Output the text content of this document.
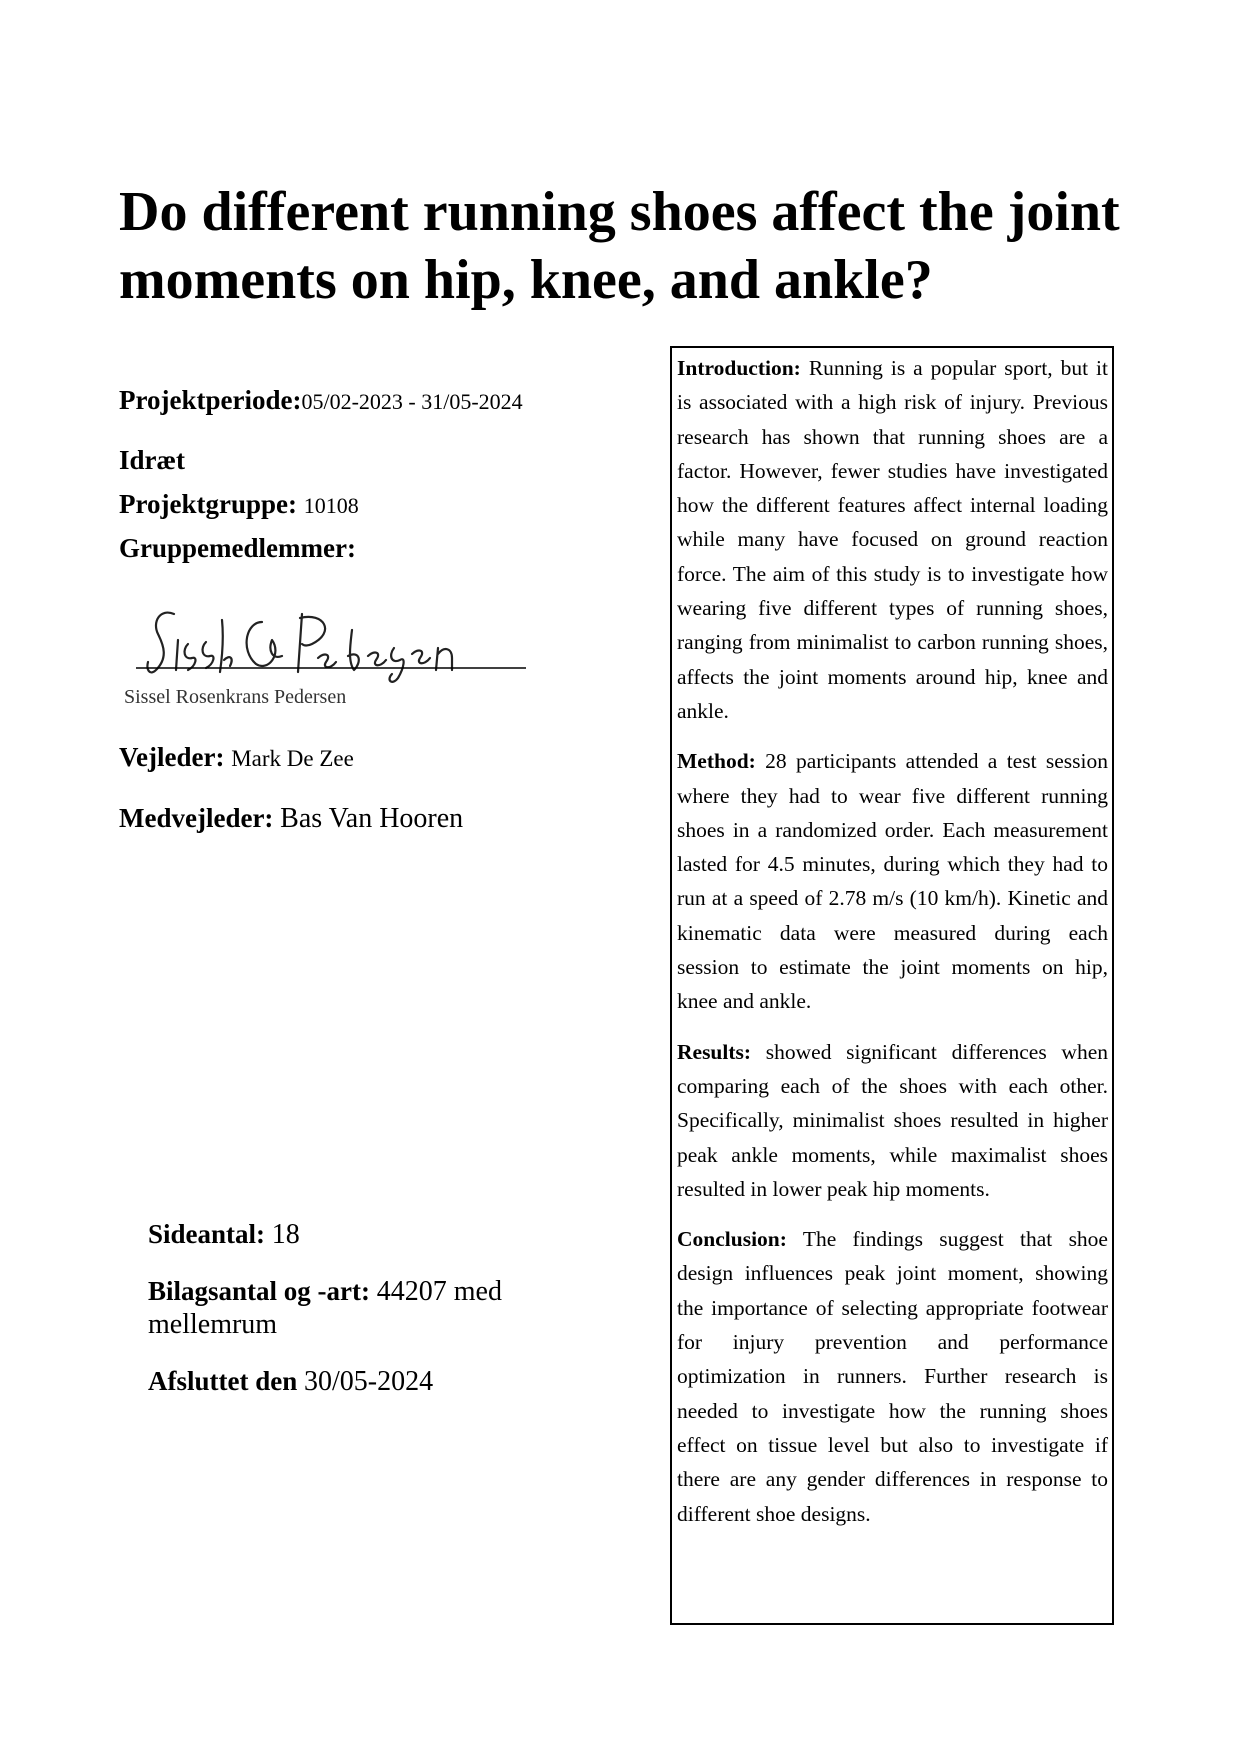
Do different running shoes affect the joint
moments on hip, knee, and ankle?
Projektperiode:05/02-2023 - 31/05-2024
Idræt
Projektgruppe: 10108
Gruppemedlemmer:
Sissel Rosenkrans Pedersen
Vejleder: Mark De Zee
Medvejleder: Bas Van Hooren
Sideantal: 18
Bilagsantal og -art: 44207 med
mellemrum
Afsluttet den 30/05-2024

Introduction: Running is a popular sport, but it is associated with a high risk of injury. Previous research has shown that running shoes are a factor. However, fewer studies have investigated how the different features affect internal loading while many have focused on ground reaction force. The aim of this study is to investigate how wearing five different types of running shoes, ranging from minimalist to carbon running shoes, affects the joint moments around hip, knee and ankle.

Method: 28 participants attended a test session where they had to wear five different running shoes in a randomized order. Each measurement lasted for 4.5 minutes, during which they had to run at a speed of 2.78 m/s (10 km/h). Kinetic and kinematic data were measured during each session to estimate the joint moments on hip, knee and ankle.

Results: showed significant differences when comparing each of the shoes with each other. Specifically, minimalist shoes resulted in higher peak ankle moments, while maximalist shoes resulted in lower peak hip moments.

Conclusion: The findings suggest that shoe design influences peak joint moment, showing the importance of selecting appropriate footwear for injury prevention and performance optimization in runners. Further research is needed to investigate how the running shoes effect on tissue level but also to investigate if there are any gender differences in response to different shoe designs.
